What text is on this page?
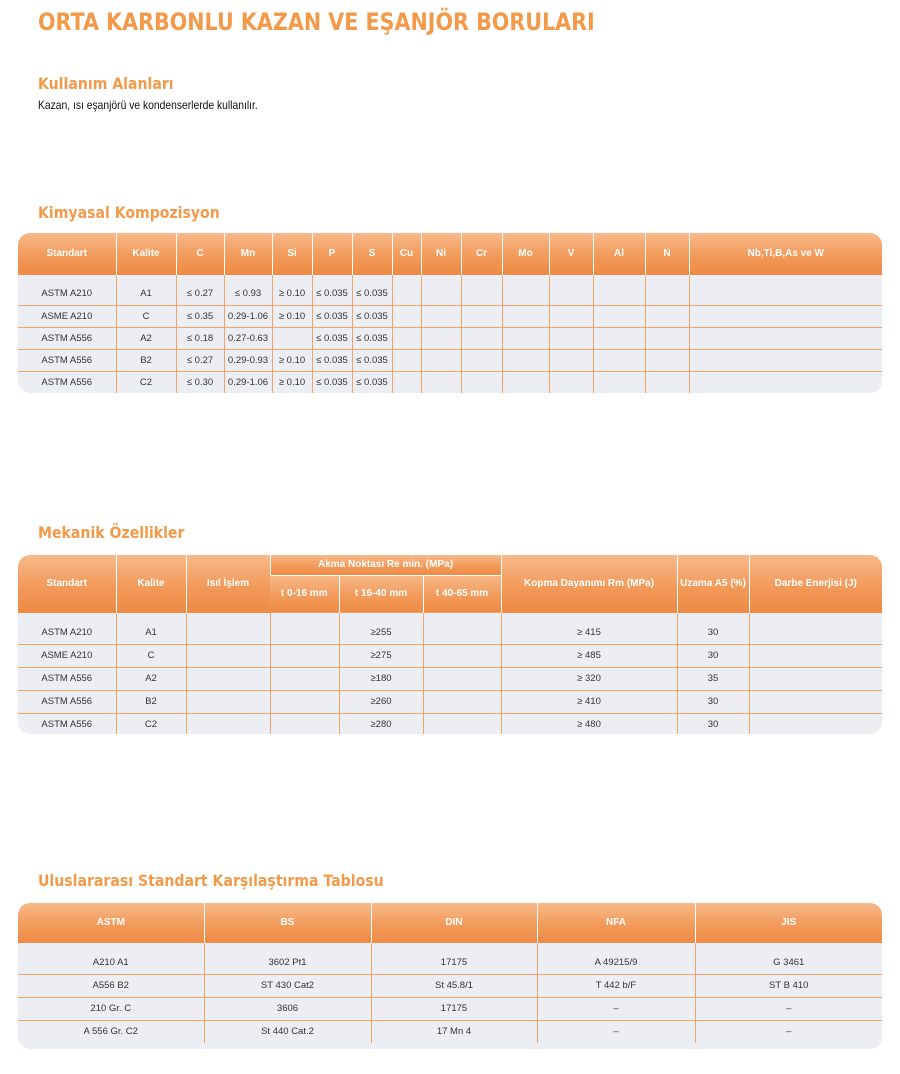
ORTA KARBONLU KAZAN VE EŞANJÖR BORULARI
Kullanım Alanları
Kazan, ısı eşanjörü ve kondenserlerde kullanılır.
Kimyasal Kompozisyon
Standart	Kalite	C	Mn	Si	P	S	Cu	Ni	Cr	Mo	V	Al	N	Nb,Ti,B,As ve W

ASTM A210	A1	≤ 0.27	≤ 0.93	≥ 0.10	≤ 0.035	≤ 0.035								
ASME A210	C	≤ 0.35	0.29-1.06	≥ 0.10	≤ 0.035	≤ 0.035								
ASTM A556	A2	≤ 0.18	0.27-0.63		≤ 0.035	≤ 0.035								
ASTM A556	B2	≤ 0.27	0.29-0.93	≥ 0.10	≤ 0.035	≤ 0.035								
ASTM A556	C2	≤ 0.30	0.29-1.06	≥ 0.10	≤ 0.035	≤ 0.035								
Mekanik Özellikler
Standart	Kalite	Isıl İşlem	Akma Noktası Re min. (MPa)			Kopma Dayanımı Rm (MPa)	Uzama A5 (%)	Darbe Enerjisi (J)
			t 0-16 mm	t 16-40 mm	t 40-65 mm			

ASTM A210	A1			≥255		≥ 415	30	
ASME A210	C			≥275		≥ 485	30	
ASTM A556	A2			≥180		≥ 320	35	
ASTM A556	B2			≥260		≥ 410	30	
ASTM A556	C2			≥280		≥ 480	30	
Uluslararası Standart Karşılaştırma Tablosu
ASTM	BS	DIN	NFA	JIS

A210 A1	3602 Pt1	17175	A 49215/9	G 3461
A556 B2	ST 430 Cat2	St 45.8/1	T 442 b/F	ST B 410
210 Gr. C	3606	17175	–	–
A 556 Gr. C2	St 440 Cat.2	17 Mn 4	–	–
